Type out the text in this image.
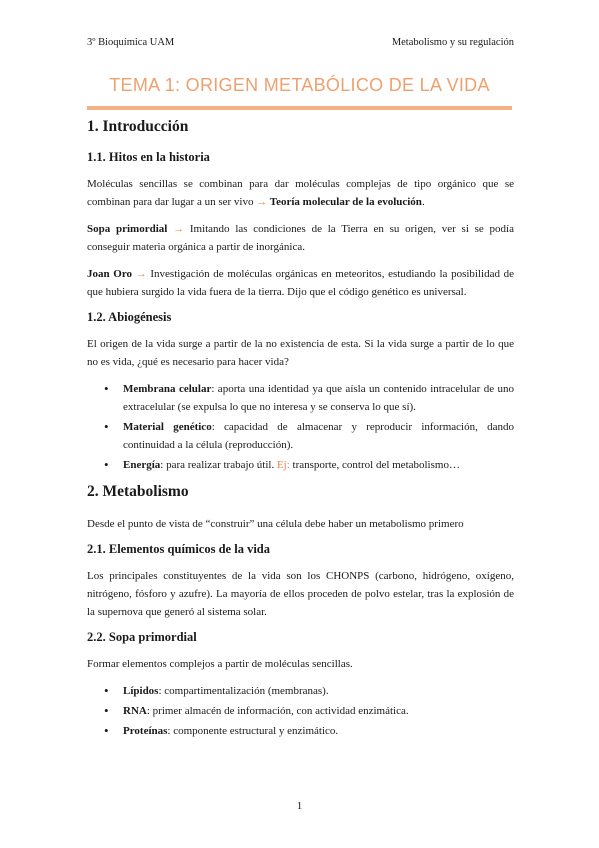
3º Bioquímica UAM	Metabolismo y su regulación
TEMA 1: ORIGEN METABÓLICO DE LA VIDA
1. Introducción
1.1. Hitos en la historia

Moléculas sencillas se combinan para dar moléculas complejas de tipo orgánico que se combinan para dar lugar a un ser vivo → Teoría molecular de la evolución.

Sopa primordial → Imitando las condiciones de la Tierra en su origen, ver si se podía conseguir materia orgánica a partir de inorgánica.

Joan Oro → Investigación de moléculas orgánicas en meteoritos, estudiando la posibilidad de que hubiera surgido la vida fuera de la tierra. Dijo que el código genético es universal.

1.2. Abiogénesis

El origen de la vida surge a partir de la no existencia de esta. Si la vida surge a partir de lo que no es vida, ¿qué es necesario para hacer vida?

• Membrana celular: aporta una identidad ya que aísla un contenido intracelular de uno extracelular (se expulsa lo que no interesa y se conserva lo que sí).
• Material genético: capacidad de almacenar y reproducir información, dando continuidad a la célula (reproducción).
• Energía: para realizar trabajo útil. Ej: transporte, control del metabolismo…
2. Metabolismo

Desde el punto de vista de “construir” una célula debe haber un metabolismo primero

2.1. Elementos químicos de la vida

Los principales constituyentes de la vida son los CHONPS (carbono, hidrógeno, oxígeno, nitrógeno, fósforo y azufre). La mayoría de ellos proceden de polvo estelar, tras la explosión de la supernova que generó al sistema solar.

2.2. Sopa primordial

Formar elementos complejos a partir de moléculas sencillas.

• Lípidos: compartimentalización (membranas).
• RNA: primer almacén de información, con actividad enzimática.
• Proteínas: componente estructural y enzimático.
1
